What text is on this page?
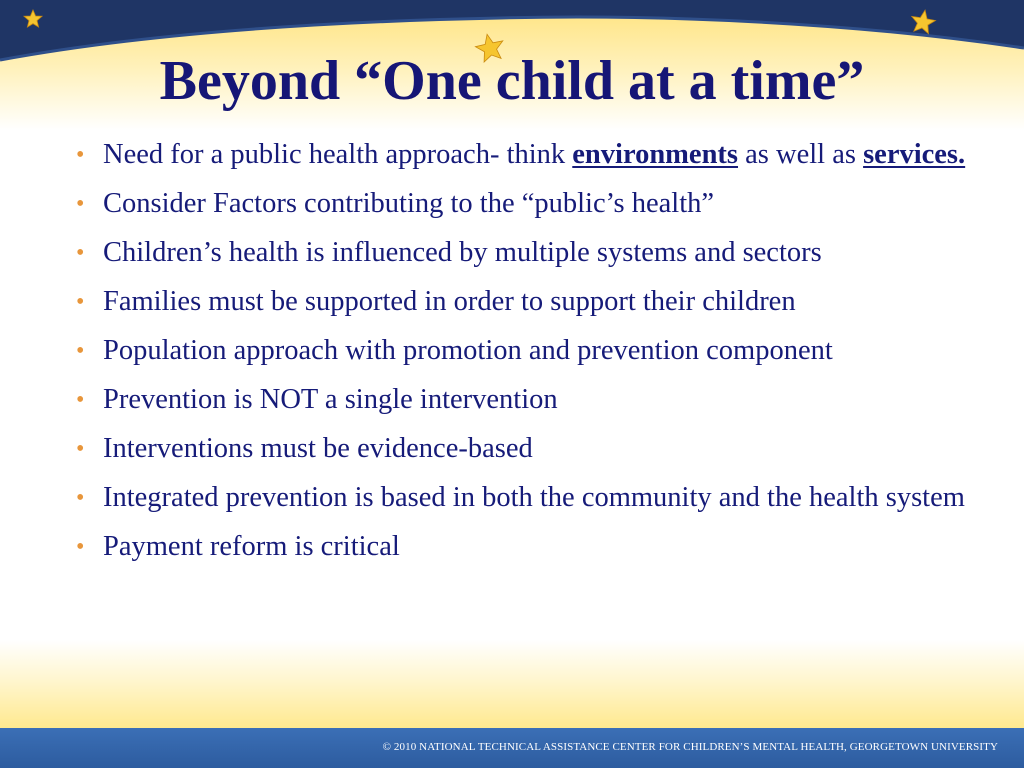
Beyond “One child at a time”
• Need for a public health approach- think environments as well as services.
• Consider Factors contributing to the “public’s health”
• Children’s health is influenced by multiple systems and sectors
• Families must be supported in order to support their children
• Population approach with promotion and prevention component
• Prevention is NOT a single intervention
• Interventions must be evidence-based
• Integrated prevention is based in both the community and the health system
• Payment reform is critical

© 2010 NATIONAL TECHNICAL ASSISTANCE CENTER FOR CHILDREN’S MENTAL HEALTH, GEORGETOWN UNIVERSITY
